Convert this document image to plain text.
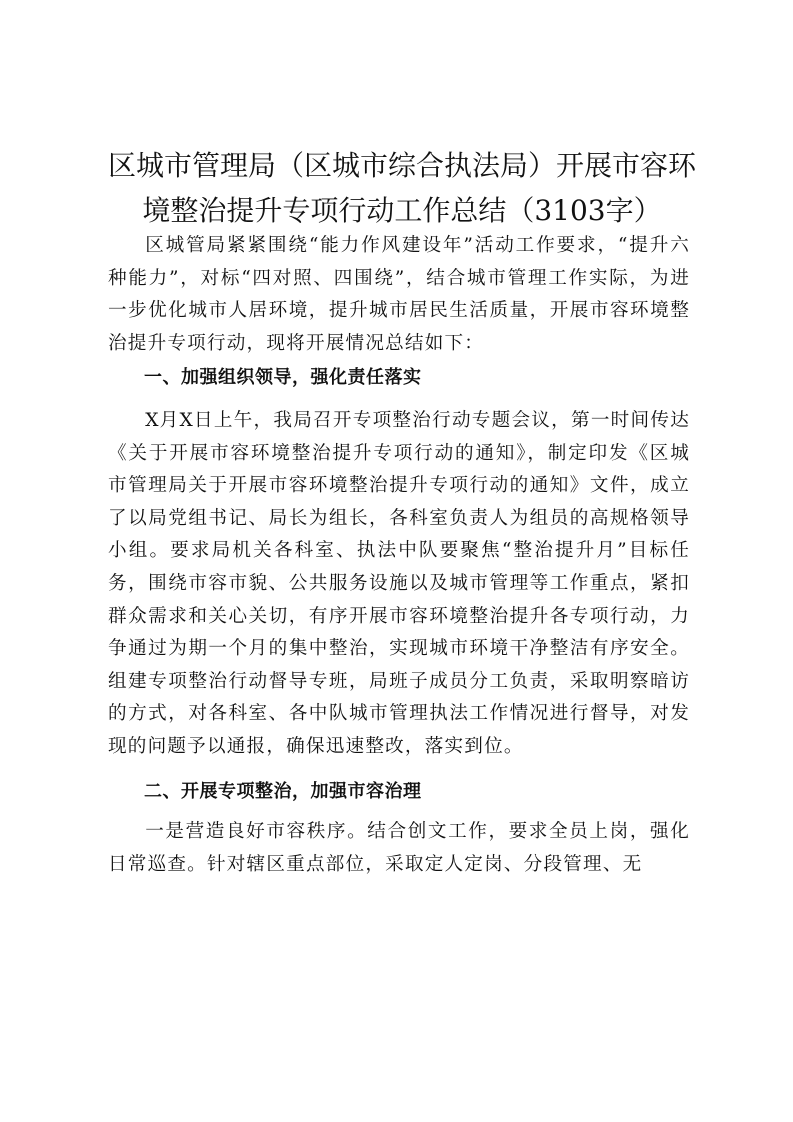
区城市管理局（区城市综合执法局）开展市容环境整治提升专项行动工作总结（3103字）

区城管局紧紧围绕“能力作风建设年”活动工作要求，“提升六种能力”，对标“四对照、四围绕”，结合城市管理工作实际，为进一步优化城市人居环境，提升城市居民生活质量，开展市容环境整治提升专项行动，现将开展情况总结如下：

一、加强组织领导，强化责任落实

X月X日上午，我局召开专项整治行动专题会议，第一时间传达《关于开展市容环境整治提升专项行动的通知》，制定印发《区城市管理局关于开展市容环境整治提升专项行动的通知》文件，成立了以局党组书记、局长为组长，各科室负责人为组员的高规格领导小组。要求局机关各科室、执法中队要聚焦“整治提升月”目标任务，围绕市容市貌、公共服务设施以及城市管理等工作重点，紧扣群众需求和关心关切，有序开展市容环境整治提升各专项行动，力争通过为期一个月的集中整治，实现城市环境干净整洁有序安全。组建专项整治行动督导专班，局班子成员分工负责，采取明察暗访的方式，对各科室、各中队城市管理执法工作情况进行督导，对发现的问题予以通报，确保迅速整改，落实到位。

二、开展专项整治，加强市容治理

一是营造良好市容秩序。结合创文工作，要求全员上岗，强化日常巡查。针对辖区重点部位，采取定人定岗、分段管理、无
